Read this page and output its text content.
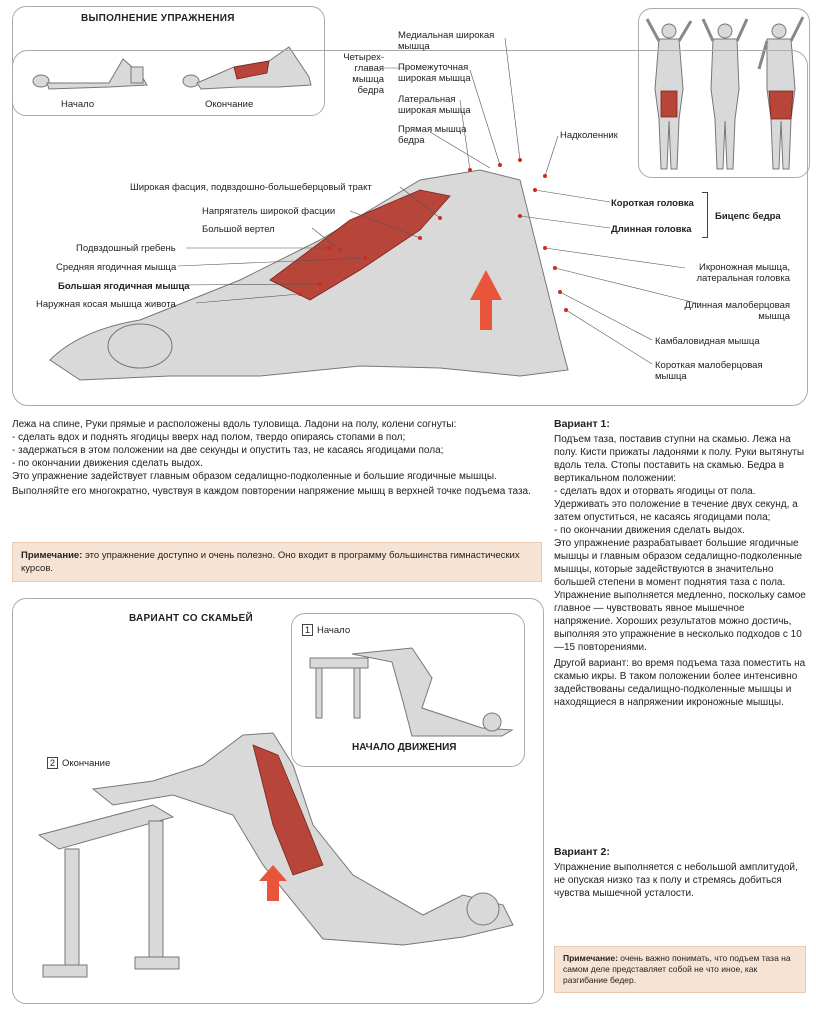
ВЫПОЛНЕНИЕ УПРАЖНЕНИЯ
Начало	Окончание
Четырех-
главая
мышца
бедра
Медиальная широкая
мышца
Промежуточная
широкая мышца
Латеральная
широкая мышца
Прямая мышца
бедра	Надколенник
Широкая фасция, подвздошно-большеберцовый тракт
Напрягатель широкой фасции
Большой вертел
Подвздошный гребень
Средняя ягодичная мышца
Большая ягодичная мышца
Наружная косая мышца живота
Короткая головка
Длинная головка
Бицепс бедра
Икроножная мышца,
латеральная головка
Длинная малоберцовая
мышца
Камбаловидная мышца
Короткая малоберцовая
мышца
Лежа на спине, Руки прямые и расположены вдоль туловища. Ладони на полу, колени согнуты:
- сделать вдох и поднять ягодицы вверх над полом, твердо опираясь стопами в пол;
- задержаться в этом положении на две секунды и опустить таз, не касаясь ягодицами пола;
- по окончании движения сделать выдох.
Это упражнение задействует главным образом седалищно-подколенные и большие ягодичные мышцы.
Выполняйте его многократно, чувствуя в каждом повторении напряжение мышц в верхней точке подъема таза.
Примечание: это упражнение доступно и очень полезно. Оно входит в программу большинства гимнастических курсов.
Вариант 1:
Подъем таза, поставив ступни на скамью. Лежа на полу. Кисти прижаты ладонями к полу. Руки вытянуты вдоль тела. Стопы поставить на скамью. Бедра в вертикальном положении:
- сделать вдох и оторвать ягодицы от пола. Удерживать это положение в течение двух секунд, а затем опуститься, не касаясь ягодицами пола;
- по окончании движения сделать выдох.
Это упражнение разрабатывает большие ягодичные мышцы и главным образом седалищно-подколенные мышцы, которые задействуются в значительно большей степени в момент поднятия таза с пола. Упражнение выполняется медленно, поскольку самое главное — чувствовать явное мышечное напряжение. Хороших результатов можно достичь, выполняя это упражнение в несколько подходов с 10—15 повторениями.
Другой вариант: во время подъема таза поместить на скамью икры. В таком положении более интенсивно задействованы седалищно-подколенные мышцы и находящиеся в напряжении икроножные мышцы.
Вариант 2:
Упражнение выполняется с небольшой амплитудой, не опуская низко таз к полу и стремясь добиться чувства мышечной усталости.
Примечание: очень важно понимать, что подъем таза на самом деле представляет собой не что иное, как разгибание бедер.
ВАРИАНТ СО СКАМЬЕЙ
1 Начало
НАЧАЛО ДВИЖЕНИЯ
2 Окончание
